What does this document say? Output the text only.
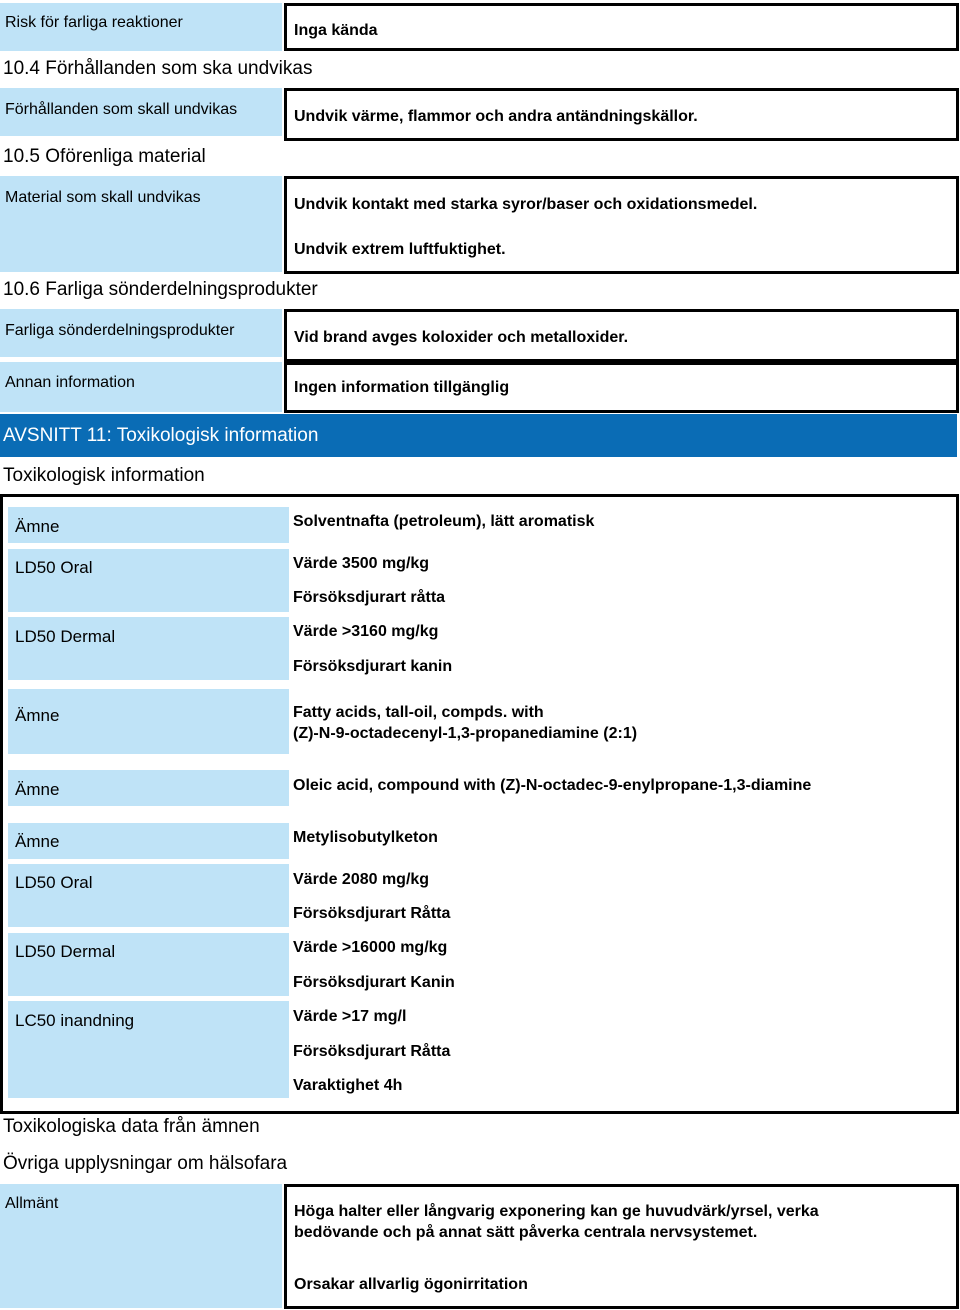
Risk för farliga reaktioner	Inga kända
10.4 Förhållanden som ska undvikas
Förhållanden som skall undvikas	Undvik värme, flammor och andra antändningskällor.
10.5 Oförenliga material
Material som skall undvikas	Undvik kontakt med starka syror/baser och oxidationsmedel.
Undvik extrem luftfuktighet.
10.6 Farliga sönderdelningsprodukter
Farliga sönderdelningsprodukter	Vid brand avges koloxider och metalloxider.
Annan information	Ingen information tillgänglig
AVSNITT 11: Toxikologisk information
Toxikologisk information
Ämne	Solventnafta (petroleum), lätt aromatisk
LD50 Oral	Värde 3500 mg/kg
Försöksdjurart råtta
LD50 Dermal	Värde >3160 mg/kg
Försöksdjurart kanin
Ämne	Fatty acids, tall-oil, compds. with
(Z)-N-9-octadecenyl-1,3-propanediamine (2:1)
Ämne	Oleic acid, compound with (Z)-N-octadec-9-enylpropane-1,3-diamine
Ämne	Metylisobutylketon
LD50 Oral	Värde 2080 mg/kg
Försöksdjurart Råtta
LD50 Dermal	Värde >16000 mg/kg
Försöksdjurart Kanin
LC50 inandning	Värde >17 mg/l
Försöksdjurart Råtta
Varaktighet 4h
Toxikologiska data från ämnen
Övriga upplysningar om hälsofara
Allmänt	Höga halter eller långvarig exponering kan ge huvudvärk/yrsel, verka
bedövande och på annat sätt påverka centrala nervsystemet.
Orsakar allvarlig ögonirritation
